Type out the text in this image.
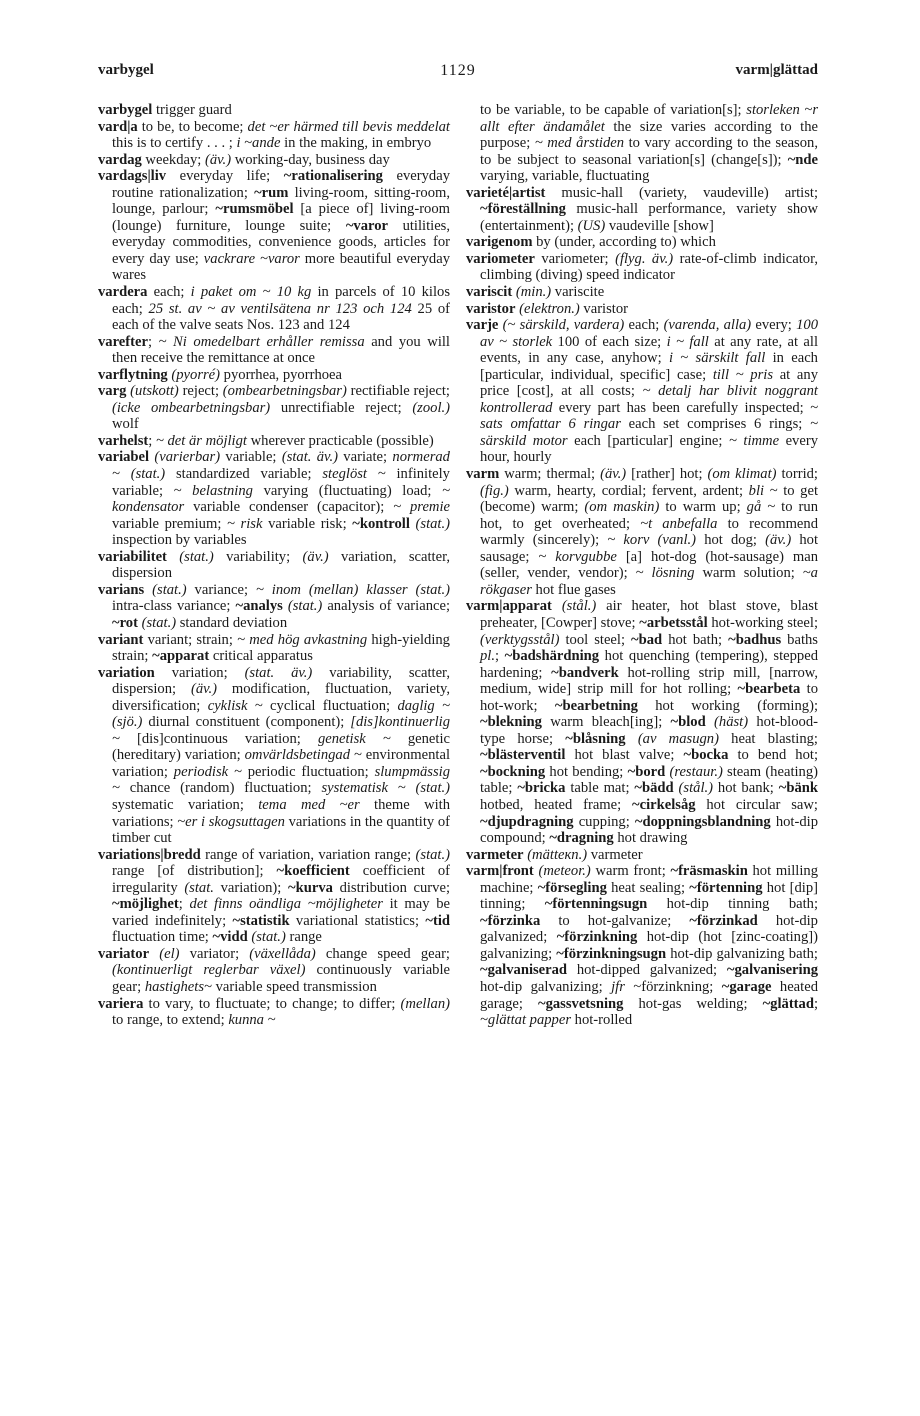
varbygel	1129	varm|glättad

varbygel trigger guard

vard|a to be, to become; det ~er härmed till bevis meddelat this is to certify . . . ; i ~ande in the making, in embryo

vardag weekday; (äv.) working-day, business day

vardags|liv everyday life; ~rationalisering everyday routine rationalization; ~rum living-room, sitting-room, lounge, parlour; ~rumsmöbel [a piece of] living-room (lounge) furniture, lounge suite; ~varor utilities, everyday commodities, convenience goods, articles for every day use; vackrare ~varor more beautiful everyday wares

vardera each; i paket om ~ 10 kg in parcels of 10 kilos each; 25 st. av ~ av ventilsätena nr 123 och 124 25 of each of the valve seats Nos. 123 and 124

varefter; ~ Ni omedelbart erhåller remissa and you will then receive the remittance at once

varflytning (pyorré) pyorrhea, pyorrhoea

varg (utskott) reject; (ombearbetningsbar) rectifiable reject; (icke ombearbetningsbar) unrectifiable reject; (zool.) wolf

varhelst; ~ det är möjligt wherever practicable (possible)

variabel (varierbar) variable; (stat. äv.) variate; normerad ~ (stat.) standardized variable; steglöst ~ infinitely variable; ~ belastning varying (fluctuating) load; ~ kondensator variable condenser (capacitor); ~ premie variable premium; ~ risk variable risk; ~kontroll (stat.) inspection by variables

variabilitet (stat.) variability; (äv.) variation, scatter, dispersion

varians (stat.) variance; ~ inom (mellan) klasser (stat.) intra-class variance; ~analys (stat.) analysis of variance; ~rot (stat.) standard deviation

variant variant; strain; ~ med hög avkastning high-yielding strain; ~apparat critical apparatus

variation variation; (stat. äv.) variability, scatter, dispersion; (äv.) modification, fluctuation, variety, diversification; cyklisk ~ cyclical fluctuation; daglig ~ (sjö.) diurnal constituent (component); [dis]kontinuerlig ~ [dis]continuous variation; genetisk ~ genetic (hereditary) variation; omvärldsbetingad ~ environmental variation; periodisk ~ periodic fluctuation; slumpmässig ~ chance (random) fluctuation; systematisk ~ (stat.) systematic variation; tema med ~er theme with variations; ~er i skogsuttagen variations in the quantity of timber cut

variations|bredd range of variation, variation range; (stat.) range [of distribution]; ~koefficient coefficient of irregularity (stat. variation); ~kurva distribution curve; ~möjlighet; det finns oändliga ~möjligheter it may be varied indefinitely; ~statistik variational statistics; ~tid fluctuation time; ~vidd (stat.) range

variator (el) variator; (växellåda) change speed gear; (kontinuerligt reglerbar växel) continuously variable gear; hastighets~ variable speed transmission

variera to vary, to fluctuate; to change; to differ; (mellan) to range, to extend; kunna ~

to be variable, to be capable of variation[s]; storleken ~r allt efter ändamålet the size varies according to the purpose; ~ med årstiden to vary according to the season, to be subject to seasonal variation[s] (change[s]); ~nde varying, variable, fluctuating

varieté|artist music-hall (variety, vaudeville) artist; ~föreställning music-hall performance, variety show (entertainment); (US) vaudeville [show]

varigenom by (under, according to) which

variometer variometer; (flyg. äv.) rate-of-climb indicator, climbing (diving) speed indicator

variscit (min.) variscite

varistor (elektron.) varistor

varje (~ särskild, vardera) each; (varenda, alla) every; 100 av ~ storlek 100 of each size; i ~ fall at any rate, at all events, in any case, anyhow; i ~ särskilt fall in each [particular, individual, specific] case; till ~ pris at any price [cost], at all costs; ~ detalj har blivit noggrant kontrollerad every part has been carefully inspected; ~ sats omfattar 6 ringar each set comprises 6 rings; ~ särskild motor each [particular] engine; ~ timme every hour, hourly

varm warm; thermal; (äv.) [rather] hot; (om klimat) torrid; (fig.) warm, hearty, cordial; fervent, ardent; bli ~ to get (become) warm; (om maskin) to warm up; gå ~ to run hot, to get overheated; ~t anbefalla to recommend warmly (sincerely); ~ korv (vanl.) hot dog; (äv.) hot sausage; ~ korvgubbe [a] hot-dog (hot-sausage) man (seller, vender, vendor); ~ lösning warm solution; ~a rökgaser hot flue gases

varm|apparat (stål.) air heater, hot blast stove, blast preheater, [Cowper] stove; ~arbetsstål hot-working steel; (verktygsstål) tool steel; ~bad hot bath; ~badhus baths pl.; ~badshärdning hot quenching (tempering), stepped hardening; ~bandverk hot-rolling strip mill, [narrow, medium, wide] strip mill for hot rolling; ~bearbeta to hot-work; ~bearbetning hot working (forming); ~blekning warm bleach[ing]; ~blod (häst) hot-blood-type horse; ~blåsning (av masugn) heat blasting; ~blästerventil hot blast valve; ~bocka to bend hot; ~bockning hot bending; ~bord (restaur.) steam (heating) table; ~bricka table mat; ~bädd (stål.) hot bank; ~bänk hotbed, heated frame; ~cirkelsåg hot circular saw; ~djupdragning cupping; ~doppningsblandning hot-dip compound; ~dragning hot drawing

varmeter (mätteкn.) varmeter

varm|front (meteor.) warm front; ~fräsmaskin hot milling machine; ~försegling heat sealing; ~förtenning hot [dip] tinning; ~förtenningsugn hot-dip tinning bath; ~förzinka to hot-galvanize; ~förzinkad hot-dip galvanized; ~förzinkning hot-dip (hot [zinc-coating]) galvanizing; ~förzinkningsugn hot-dip galvanizing bath; ~galvaniserad hot-dipped galvanized; ~galvanisering hot-dip galvanizing; jfr ~förzinkning; ~garage heated garage; ~gassvetsning hot-gas welding; ~glättad; ~glättat papper hot-rolled
